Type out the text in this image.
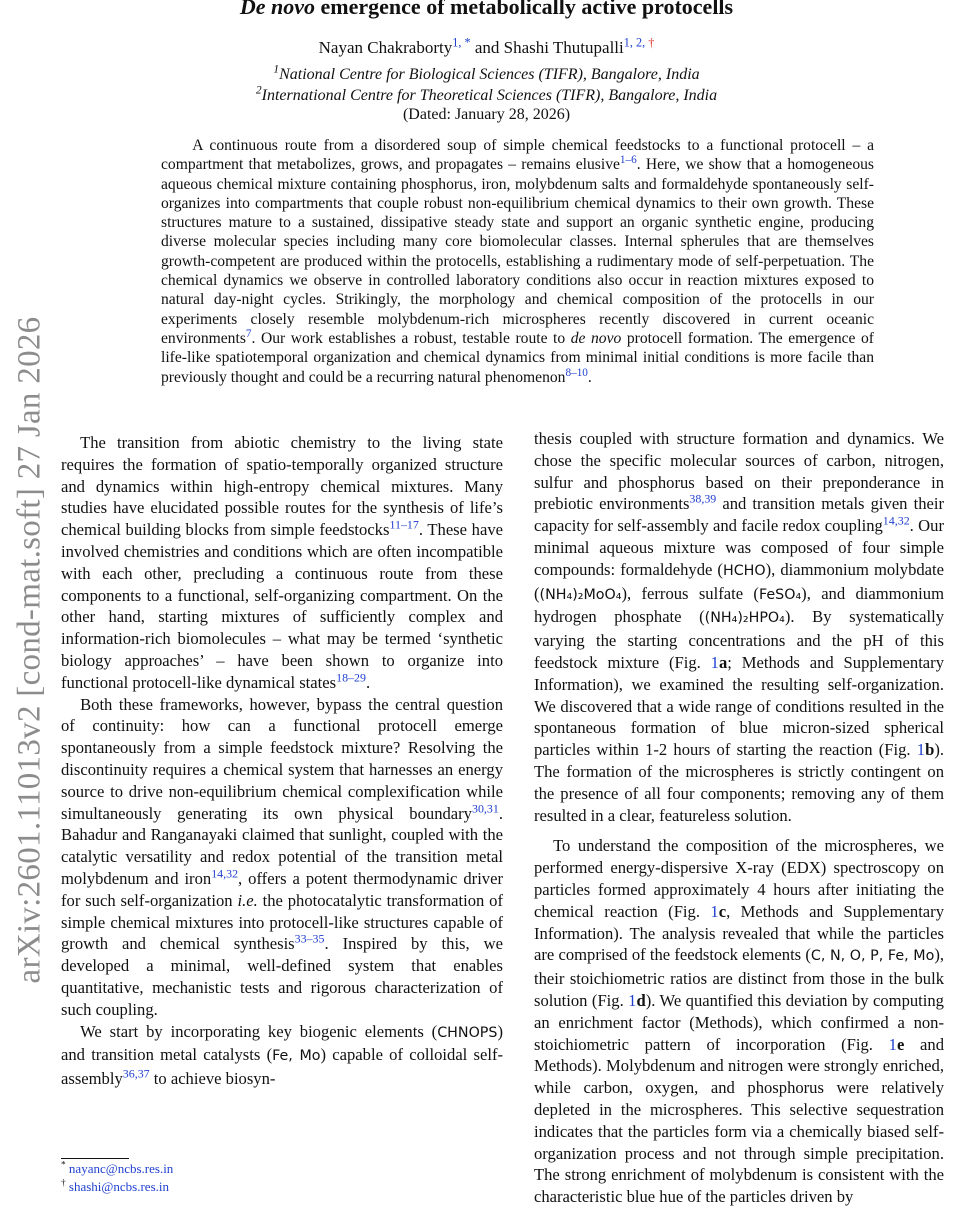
arXiv:2601.11013v2 [cond-mat.soft] 27 Jan 2026
De novo emergence of metabolically active protocells
Nayan Chakraborty$^{1, *}$ and Shashi Thutupalli$^{1, 2,}$ †
$^1$National Centre for Biological Sciences (TIFR), Bangalore, India
$^2$International Centre for Theoretical Sciences (TIFR), Bangalore, India
(Dated: January 28, 2026)

A continuous route from a disordered soup of simple chemical feedstocks to a functional protocell – a compartment that metabolizes, grows, and propagates – remains elusive$^{1-6}$. Here, we show that a homogeneous aqueous chemical mixture containing phosphorus, iron, molybdenum salts and formaldehyde spontaneously self-organizes into compartments that couple robust non-equilibrium chemical dynamics to their own growth. These structures mature to a sustained, dissipative steady state and support an organic synthetic engine, producing diverse molecular species including many core biomolecular classes. Internal spherules that are themselves growth-competent are produced within the protocells, establishing a rudimentary mode of self-perpetuation. The chemical dynamics we observe in controlled laboratory conditions also occur in reaction mixtures exposed to natural day-night cycles. Strikingly, the morphology and chemical composition of the protocells in our experiments closely resemble molybdenum-rich microspheres recently discovered in current oceanic environments$^7$. Our work establishes a robust, testable route to de novo protocell formation. The emergence of life-like spatiotemporal organization and chemical dynamics from minimal initial conditions is more facile than previously thought and could be a recurring natural phenomenon$^{8-10}$.

The transition from abiotic chemistry to the living state requires the formation of spatio-temporally organized structure and dynamics within high-entropy chemical mixtures. Many studies have elucidated possible routes for the synthesis of life’s chemical building blocks from simple feedstocks$^{11-17}$. These have involved chemistries and conditions which are often incompatible with each other, precluding a continuous route from these components to a functional, self-organizing compartment. On the other hand, starting mixtures of sufficiently complex and information-rich biomolecules – what may be termed ‘synthetic biology approaches’ – have been shown to organize into functional protocell-like dynamical states$^{18-29}$.

Both these frameworks, however, bypass the central question of continuity: how can a functional protocell emerge spontaneously from a simple feedstock mixture? Resolving the discontinuity requires a chemical system that harnesses an energy source to drive non-equilibrium chemical complexification while simultaneously generating its own physical boundary$^{30,31}$. Bahadur and Ranganayaki claimed that sunlight, coupled with the catalytic versatility and redox potential of the transition metal molybdenum and iron$^{14,32}$, offers a potent thermodynamic driver for such self-organization i.e. the photocatalytic transformation of simple chemical mixtures into protocell-like structures capable of growth and chemical synthesis$^{33-35}$. Inspired by this, we developed a minimal, well-defined system that enables quantitative, mechanistic tests and rigorous characterization of such coupling.

We start by incorporating key biogenic elements (CHNOPS) and transition metal catalysts (Fe, Mo) capable of colloidal self-assembly$^{36,37}$ to achieve biosyn-

thesis coupled with structure formation and dynamics. We chose the specific molecular sources of carbon, nitrogen, sulfur and phosphorus based on their preponderance in prebiotic environments$^{38,39}$ and transition metals given their capacity for self-assembly and facile redox coupling$^{14,32}$. Our minimal aqueous mixture was composed of four simple compounds: formaldehyde (HCHO), diammonium molybdate ((NH₄)₂MoO₄), ferrous sulfate (FeSO₄), and diammonium hydrogen phosphate ((NH₄)₂HPO₄). By systematically varying the starting concentrations and the pH of this feedstock mixture (Fig. 1a; Methods and Supplementary Information), we examined the resulting self-organization. We discovered that a wide range of conditions resulted in the spontaneous formation of blue micron-sized spherical particles within 1-2 hours of starting the reaction (Fig. 1b). The formation of the microspheres is strictly contingent on the presence of all four components; removing any of them resulted in a clear, featureless solution.

To understand the composition of the microspheres, we performed energy-dispersive X-ray (EDX) spectroscopy on particles formed approximately 4 hours after initiating the chemical reaction (Fig. 1c, Methods and Supplementary Information). The analysis revealed that while the particles are comprised of the feedstock elements (C, N, O, P, Fe, Mo), their stoichiometric ratios are distinct from those in the bulk solution (Fig. 1d). We quantified this deviation by computing an enrichment factor (Methods), which confirmed a non-stoichiometric pattern of incorporation (Fig. 1e and Methods). Molybdenum and nitrogen were strongly enriched, while carbon, oxygen, and phosphorus were relatively depleted in the microspheres. This selective sequestration indicates that the particles form via a chemically biased self-organization process and not through simple precipitation. The strong enrichment of molybdenum is consistent with the characteristic blue hue of the particles driven by

* nayanc@ncbs.res.in
† shashi@ncbs.res.in
